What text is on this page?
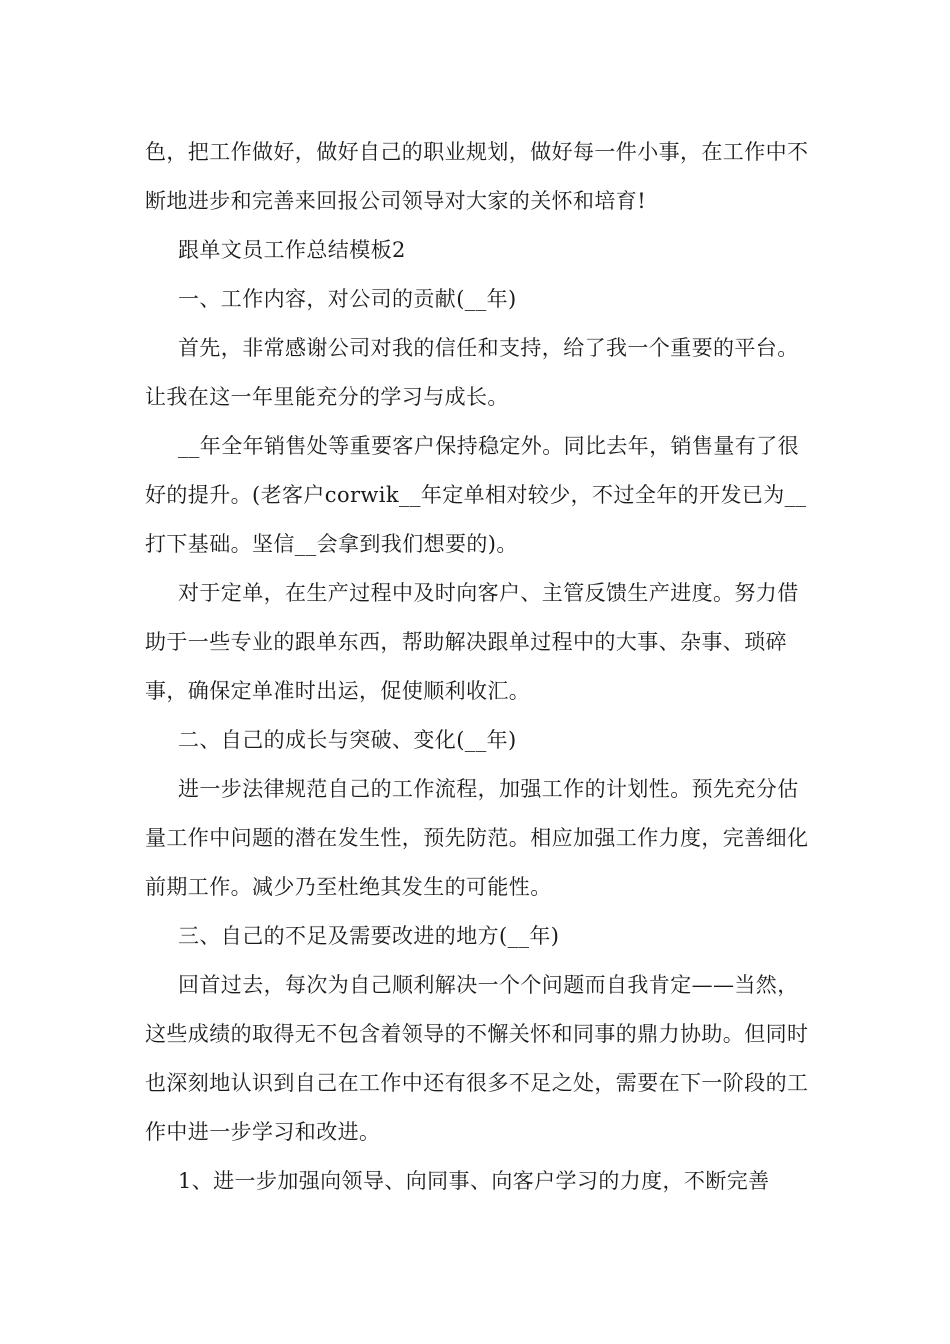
色，把工作做好，做好自己的职业规划，做好每一件小事，在工作中不断地进步和完善来回报公司领导对大家的关怀和培育!

跟单文员工作总结模板2

一、工作内容，对公司的贡献(__年)

首先，非常感谢公司对我的信任和支持，给了我一个重要的平台。让我在这一年里能充分的学习与成长。

__年全年销售处等重要客户保持稳定外。同比去年，销售量有了很好的提升。(老客户corwik__年定单相对较少，不过全年的开发已为__打下基础。坚信__会拿到我们想要的)。

对于定单，在生产过程中及时向客户、主管反馈生产进度。努力借助于一些专业的跟单东西，帮助解决跟单过程中的大事、杂事、琐碎事，确保定单准时出运，促使顺利收汇。

二、自己的成长与突破、变化(__年)

进一步法律规范自己的工作流程，加强工作的计划性。预先充分估量工作中问题的潜在发生性，预先防范。相应加强工作力度，完善细化前期工作。减少乃至杜绝其发生的可能性。

三、自己的不足及需要改进的地方(__年)

回首过去，每次为自己顺利解决一个个问题而自我肯定——当然，这些成绩的取得无不包含着领导的不懈关怀和同事的鼎力协助。但同时也深刻地认识到自己在工作中还有很多不足之处，需要在下一阶段的工作中进一步学习和改进。

1、进一步加强向领导、向同事、向客户学习的力度，不断完善
